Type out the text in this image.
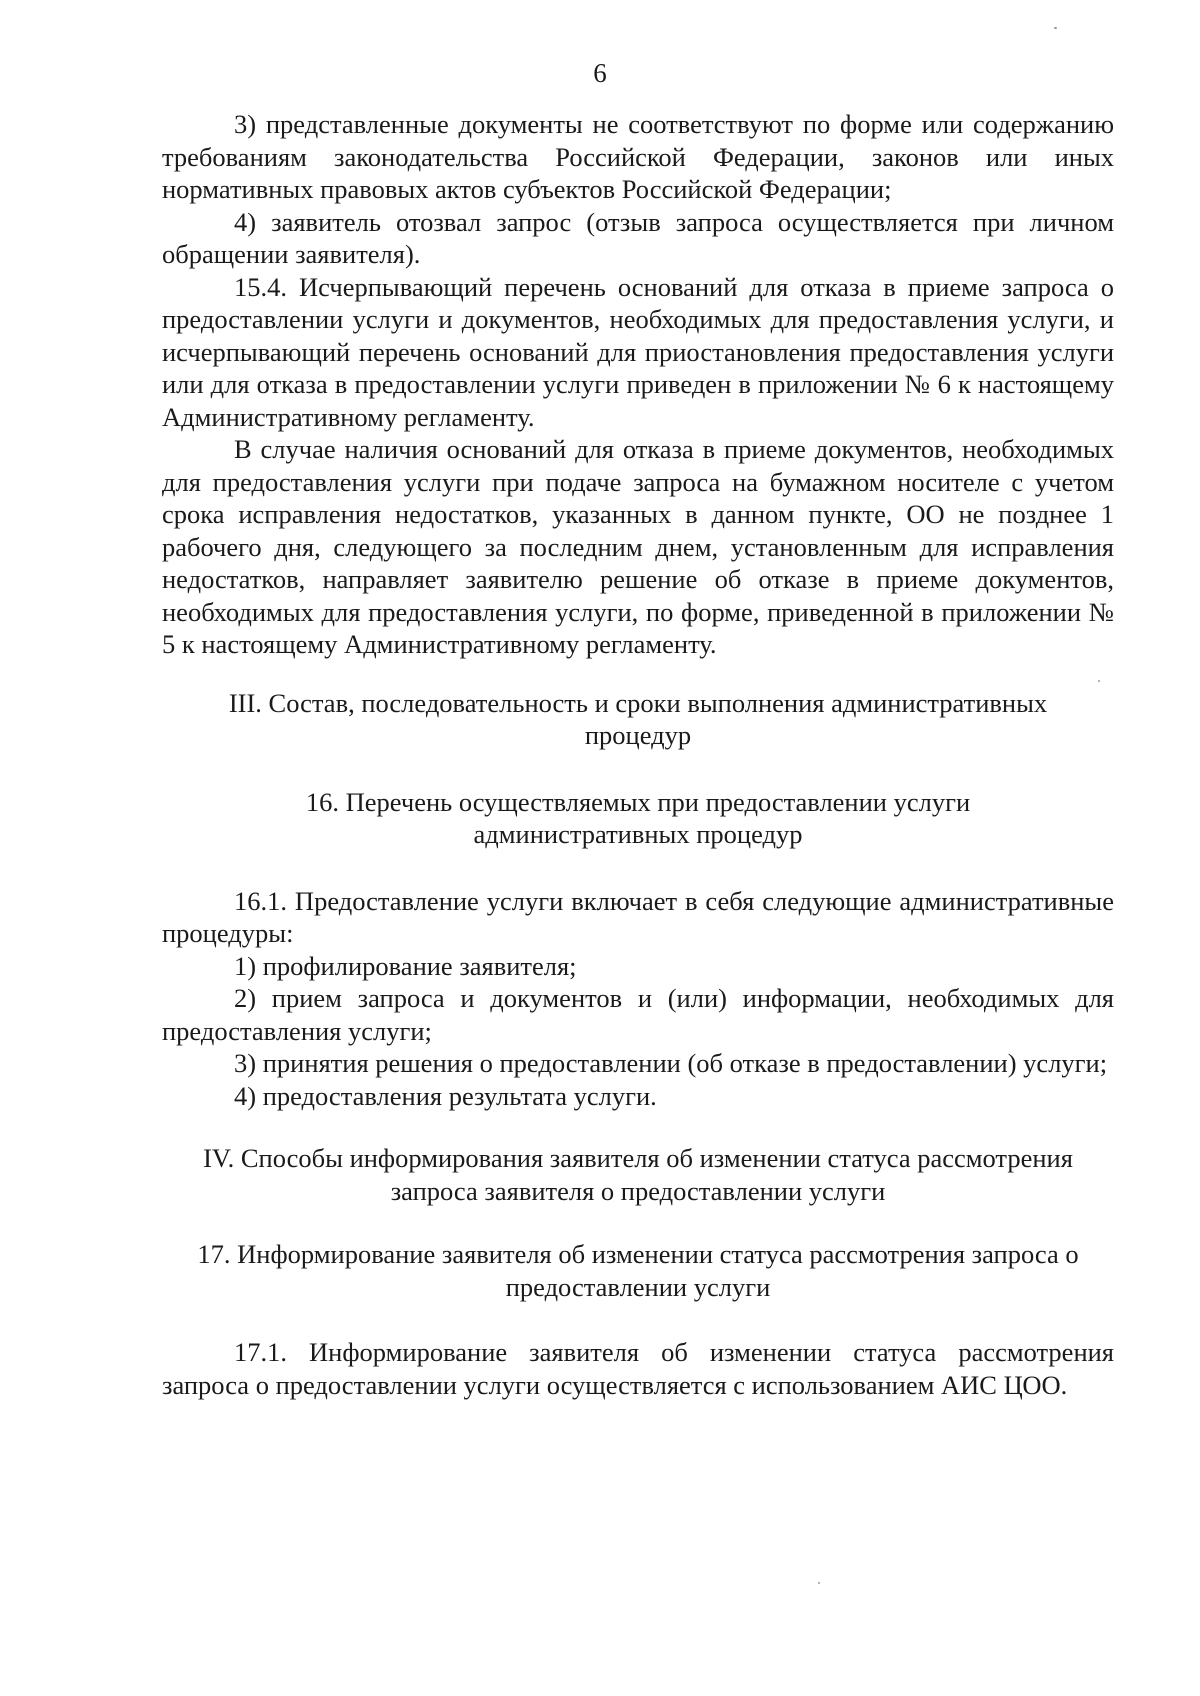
6

3) представленные документы не соответствуют по форме или содержанию требованиям законодательства Российской Федерации, законов или иных нормативных правовых актов субъектов Российской Федерации;

4) заявитель отозвал запрос (отзыв запроса осуществляется при личном обращении заявителя).

15.4. Исчерпывающий перечень оснований для отказа в приеме запроса о предоставлении услуги и документов, необходимых для предоставления услуги, и исчерпывающий перечень оснований для приостановления предоставления услуги или для отказа в предоставлении услуги приведен в приложении № 6 к настоящему Административному регламенту.

В случае наличия оснований для отказа в приеме документов, необходимых для предоставления услуги при подаче запроса на бумажном носителе с учетом срока исправления недостатков, указанных в данном пункте, ОО не позднее 1 рабочего дня, следующего за последним днем, установленным для исправления недостатков, направляет заявителю решение об отказе в приеме документов, необходимых для предоставления услуги, по форме, приведенной в приложении № 5 к настоящему Административному регламенту.

III. Состав, последовательность и сроки выполнения административных
процедур

16. Перечень осуществляемых при предоставлении услуги
административных процедур

16.1. Предоставление услуги включает в себя следующие административные процедуры:

1) профилирование заявителя;

2) прием запроса и документов и (или) информации, необходимых для предоставления услуги;

3) принятия решения о предоставлении (об отказе в предоставлении) услуги;

4) предоставления результата услуги.

IV. Способы информирования заявителя об изменении статуса рассмотрения
запроса заявителя о предоставлении услуги

17. Информирование заявителя об изменении статуса рассмотрения запроса о
предоставлении услуги

17.1. Информирование заявителя об изменении статуса рассмотрения запроса о предоставлении услуги осуществляется с использованием АИС ЦОО.
